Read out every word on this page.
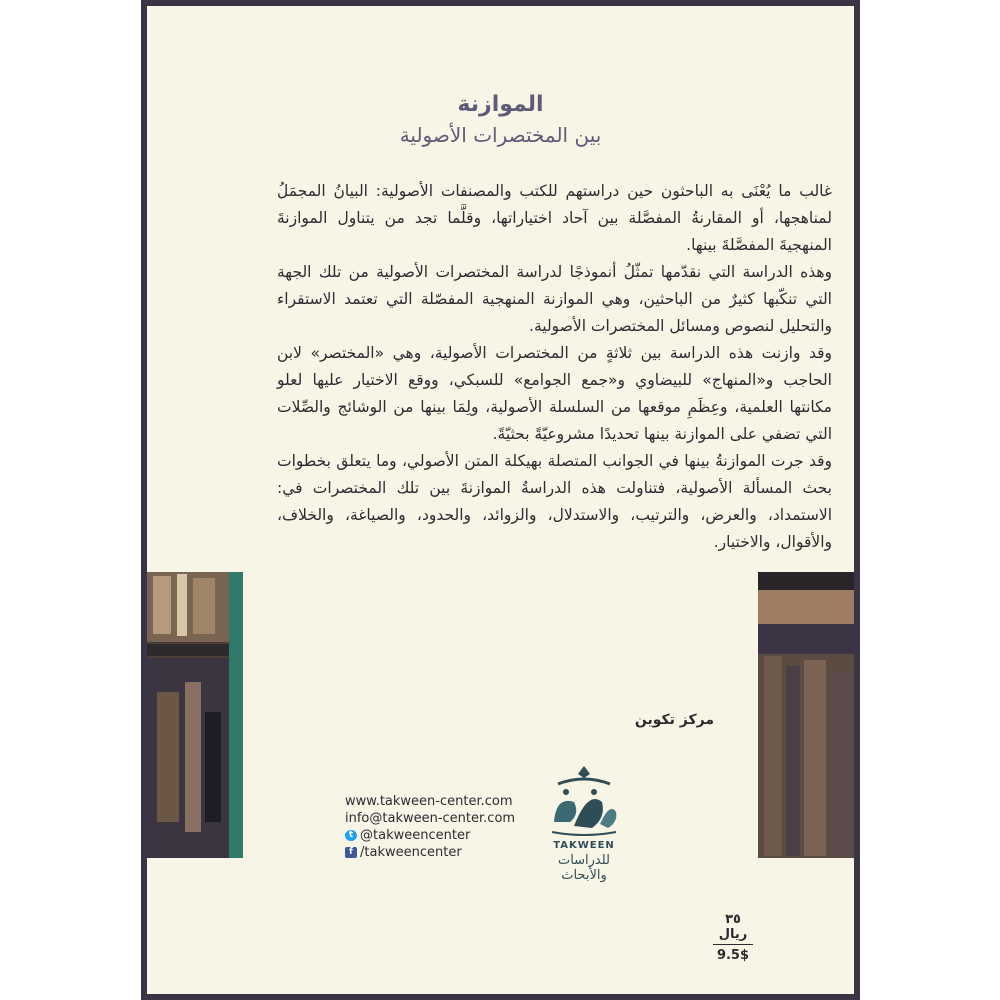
الموازنة
بين المختصرات الأصولية

غالب ما يُعْنَى به الباحثون حين دراستهم للكتب والمصنفات الأصولية: البيانُ المجمَلُ لمناهجها، أو المقارنةُ المفصَّلة بين آحاد اختياراتها، وقلَّما تجد من يتناول الموازنةَ المنهجيةَ المفصَّلةَ بينها.

وهذه الدراسة التي نقدّمها تمثّلُ أنموذجًا لدراسة المختصرات الأصولية من تلك الجهة التي تنكّبها كثيرٌ من الباحثين، وهي الموازنة المنهجية المفصّلة التي تعتمد الاستقراء والتحليل لنصوص ومسائل المختصرات الأصولية.

وقد وازنت هذه الدراسة بين ثلاثةٍ من المختصرات الأصولية، وهي «المختصر» لابن الحاجب و«المنهاج» للبيضاوي و«جمع الجوامع» للسبكي، ووقع الاختيار عليها لعلو مكانتها العلمية، وعِظَمِ موقعها من السلسلة الأصولية، ولِمَا بينها من الوشائج والصِّلات التي تضفي على الموازنة بينها تحديدًا مشروعيّةً بحثيّةً.

وقد جرت الموازنةُ بينها في الجوانب المتصلة بهيكلة المتن الأصولي، وما يتعلق بخطوات بحث المسألة الأصولية، فتناولت هذه الدراسةُ الموازنةَ بين تلك المختصرات في: الاستمداد، والعرض، والترتيب، والاستدلال، والزوائد، والحدود، والصياغة، والخلاف، والأقوال، والاختيار.

مركز تكوين
www.takween-center.com
info@takween-center.com
t @takweencenter
f /takweencenter	TAKWEEN
للدراسات والأبحاث
٣٥ ريال
9.5$
